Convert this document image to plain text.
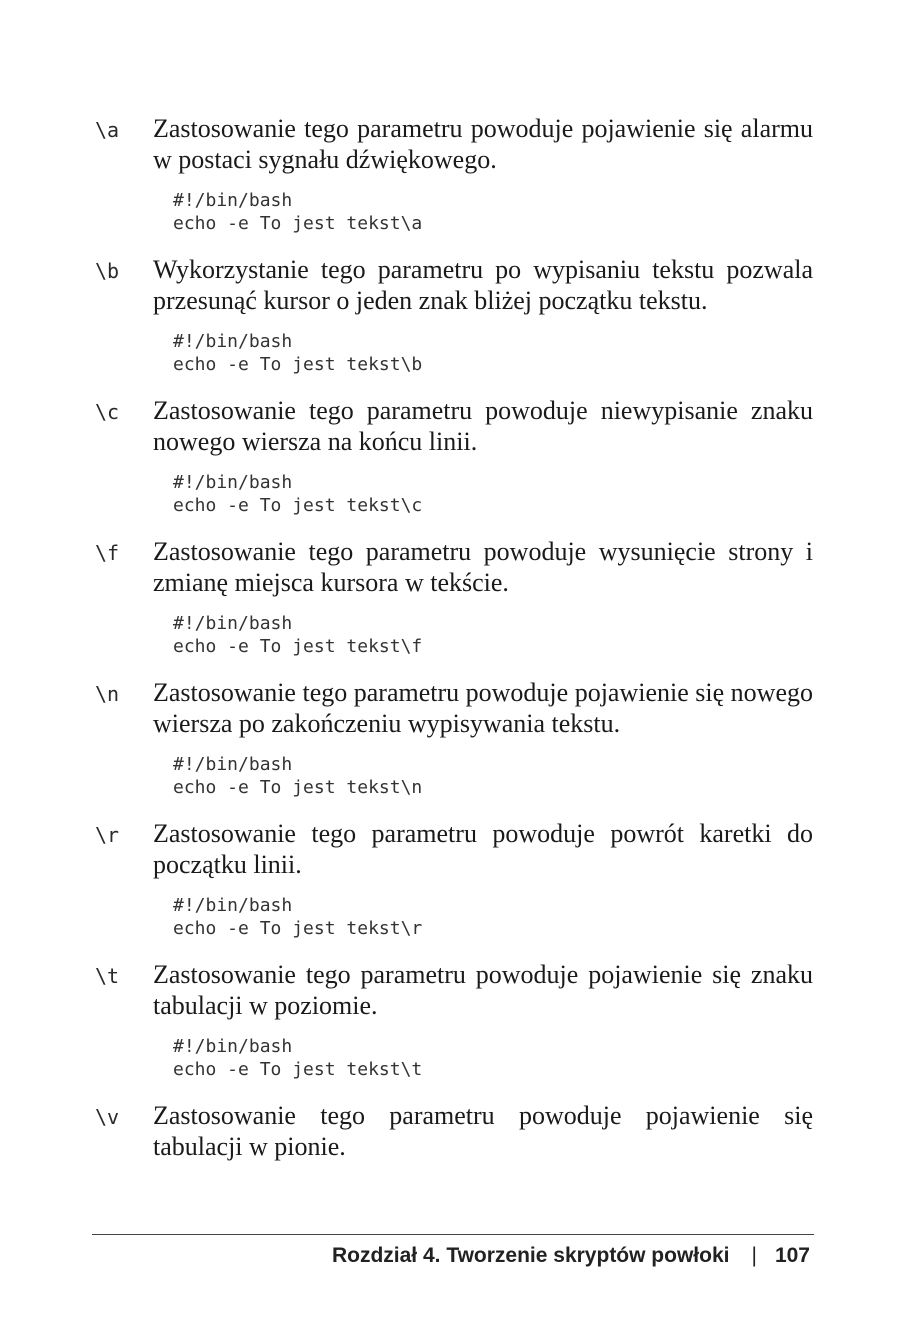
\a Zastosowanie tego parametru powoduje pojawienie się alarmu w postaci sygnału dźwiękowego.
#!/bin/bash
echo -e To jest tekst\a
\b Wykorzystanie tego parametru po wypisaniu tekstu pozwala przesunąć kursor o jeden znak bliżej początku tekstu.
#!/bin/bash
echo -e To jest tekst\b
\c Zastosowanie tego parametru powoduje niewypisanie znaku nowego wiersza na końcu linii.
#!/bin/bash
echo -e To jest tekst\c
\f Zastosowanie tego parametru powoduje wysunięcie strony i zmianę miejsca kursora w tekście.
#!/bin/bash
echo -e To jest tekst\f
\n Zastosowanie tego parametru powoduje pojawienie się nowego wiersza po zakończeniu wypisywania tekstu.
#!/bin/bash
echo -e To jest tekst\n
\r Zastosowanie tego parametru powoduje powrót karetki do początku linii.
#!/bin/bash
echo -e To jest tekst\r
\t Zastosowanie tego parametru powoduje pojawienie się znaku tabulacji w poziomie.
#!/bin/bash
echo -e To jest tekst\t
\v Zastosowanie tego parametru powoduje pojawienie się tabulacji w pionie.
Rozdział 4. Tworzenie skryptów powłoki | 107
